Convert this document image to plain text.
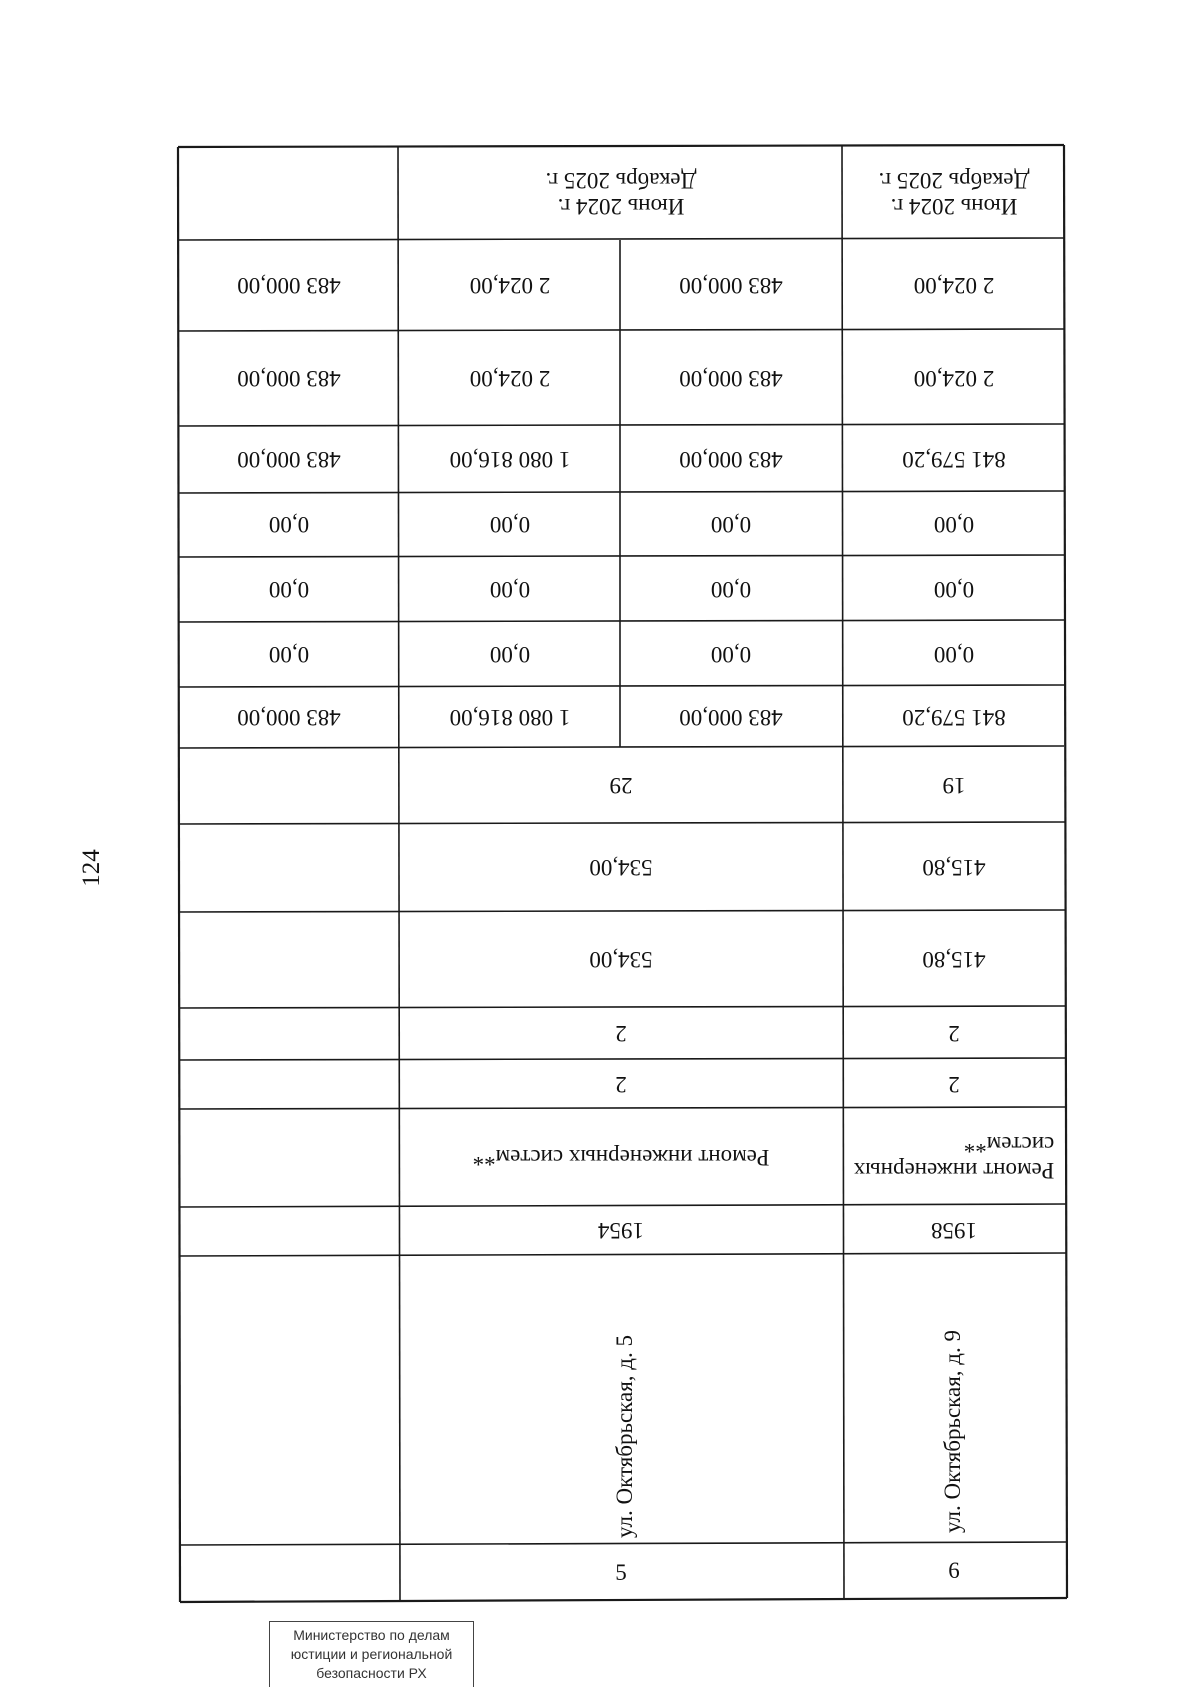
124
Июнь 2024 г.
Декабрь 2025 г.
2 024,00
2 024,00
841 579,20
0,00
0,00
0,00
841 579,20
19
415,80
415,80
2
2
Ремонт инженерных
систем**
1958
ул. Октябрьская, д. 9
6
Июнь 2024 г.
Декабрь 2025 г.
483 000,00
483 000,00
483 000,00
0,00
0,00
0,00
483 000,00
2 024,00
2 024,00
1 080 816,00
0,00
0,00
0,00
1 080 816,00
29
534,00
534,00
2
2
Ремонт инженерных систем**
1954
ул. Октябрьская, д. 5
5
483 000,00
483 000,00
483 000,00
0,00
0,00
0,00
483 000,00
Министерство по делам
юстиции и региональной
безопасности РХ
